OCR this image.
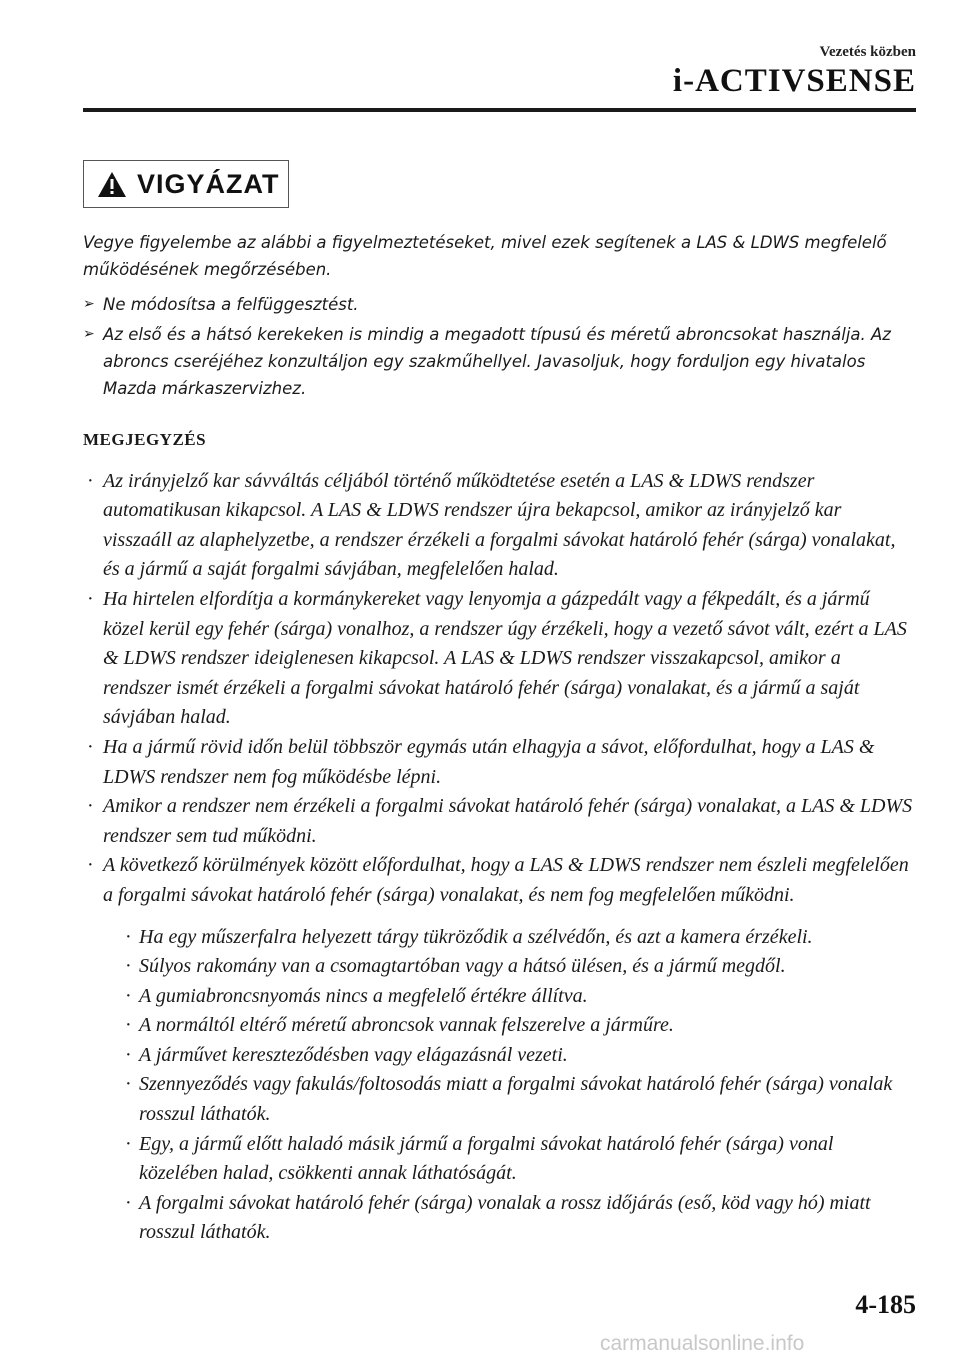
Vezetés közben
i-ACTIVSENSE
VIGYÁZAT

Vegye figyelembe az alábbi a figyelmeztetéseket, mivel ezek segítenek a LAS & LDWS megfelelő működésének megőrzésében.

➢ Ne módosítsa a felfüggesztést.
➢ Az első és a hátsó kerekeken is mindig a megadott típusú és méretű abroncsokat használja. Az abroncs cseréjéhez konzultáljon egy szakműhellyel. Javasoljuk, hogy forduljon egy hivatalos Mazda márkaszervizhez.
MEGJEGYZÉS
· Az irányjelző kar sávváltás céljából történő működtetése esetén a LAS & LDWS rendszer automatikusan kikapcsol. A LAS & LDWS rendszer újra bekapcsol, amikor az irányjelző kar visszaáll az alaphelyzetbe, a rendszer érzékeli a forgalmi sávokat határoló fehér (sárga) vonalakat, és a jármű a saját forgalmi sávjában, megfelelően halad.
· Ha hirtelen elfordítja a kormánykereket vagy lenyomja a gázpedált vagy a fékpedált, és a jármű közel kerül egy fehér (sárga) vonalhoz, a rendszer úgy érzékeli, hogy a vezető sávot vált, ezért a LAS & LDWS rendszer ideiglenesen kikapcsol. A LAS & LDWS rendszer visszakapcsol, amikor a rendszer ismét érzékeli a forgalmi sávokat határoló fehér (sárga) vonalakat, és a jármű a saját sávjában halad.
· Ha a jármű rövid időn belül többször egymás után elhagyja a sávot, előfordulhat, hogy a LAS & LDWS rendszer nem fog működésbe lépni.
· Amikor a rendszer nem érzékeli a forgalmi sávokat határoló fehér (sárga) vonalakat, a LAS & LDWS rendszer sem tud működni.
· A következő körülmények között előfordulhat, hogy a LAS & LDWS rendszer nem észleli megfelelően a forgalmi sávokat határoló fehér (sárga) vonalakat, és nem fog megfelelően működni.
· Ha egy műszerfalra helyezett tárgy tükröződik a szélvédőn, és azt a kamera érzékeli.
· Súlyos rakomány van a csomagtartóban vagy a hátsó ülésen, és a jármű megdől.
· A gumiabroncsnyomás nincs a megfelelő értékre állítva.
· A normáltól eltérő méretű abroncsok vannak felszerelve a járműre.
· A járművet kereszteződésben vagy elágazásnál vezeti.
· Szennyeződés vagy fakulás/foltosodás miatt a forgalmi sávokat határoló fehér (sárga) vonalak rosszul láthatók.
· Egy, a jármű előtt haladó másik jármű a forgalmi sávokat határoló fehér (sárga) vonal közelében halad, csökkenti annak láthatóságát.
· A forgalmi sávokat határoló fehér (sárga) vonalak a rossz időjárás (eső, köd vagy hó) miatt rosszul láthatók.
4-185
carmanualsonline.info
